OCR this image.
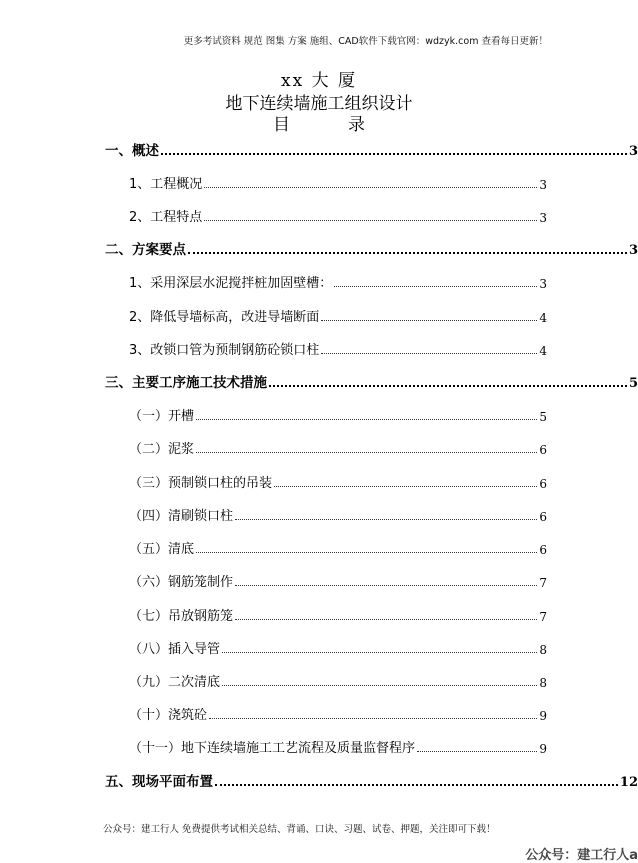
更多考试资料 规范 图集 方案 施组、CAD软件下载官网：wdzyk.com 查看每日更新！
xx 大 厦
地下连续墙施工组织设计
目	录
一、概述	3
1、工程概况	3
2、工程特点	3
二、方案要点	3
1、采用深层水泥搅拌桩加固壁槽：	3
2、降低导墙标高，改进导墙断面	4
3、改锁口管为预制钢筋砼锁口柱	4
三、主要工序施工技术措施	5
（一）开槽	5
（二）泥浆	6
（三）预制锁口柱的吊装	6
（四）清刷锁口柱	6
（五）清底	6
（六）钢筋笼制作	7
（七）吊放钢筋笼	7
（八）插入导管	8
（九）二次清底	8
（十）浇筑砼	9
（十一）地下连续墙施工工艺流程及质量监督程序	9
五、现场平面布置	12
公众号：建工行人 免费提供考试相关总结、背诵、口诀、习题、试卷、押题，关注即可下载！
公众号：建工行人a
